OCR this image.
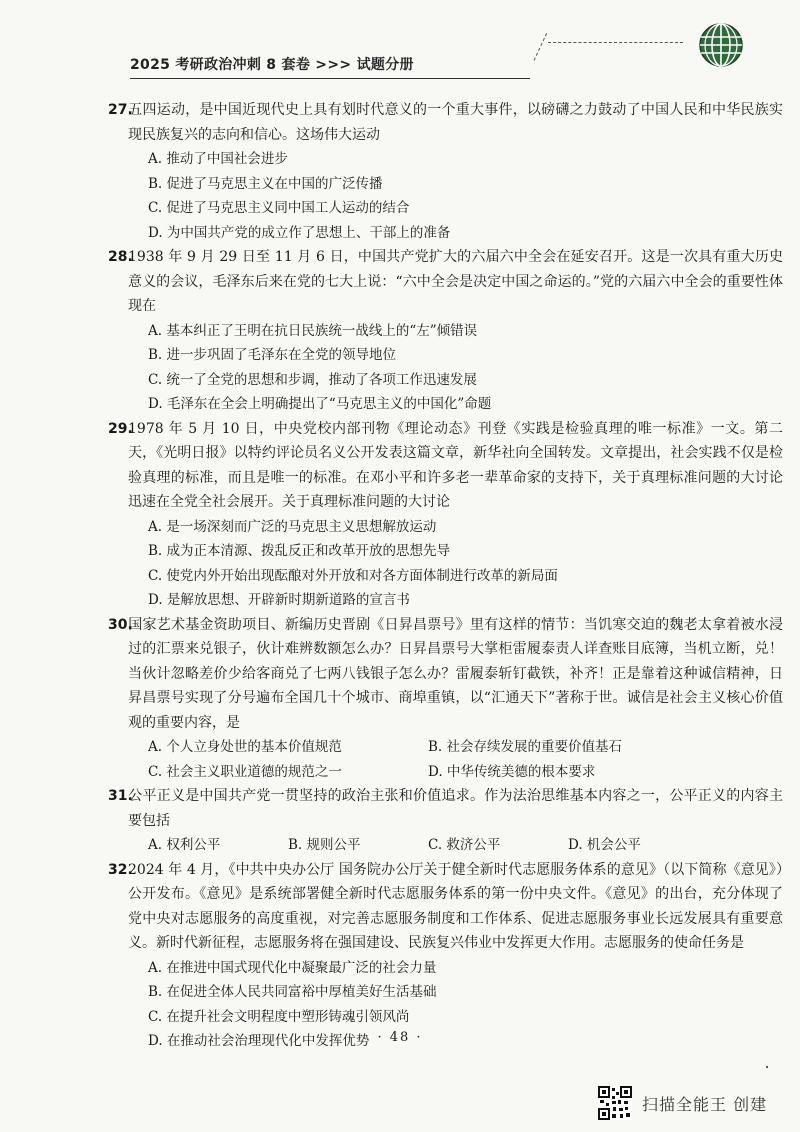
2025 考研政治冲刺 8 套卷 >>> 试题分册
27.五四运动，是中国近现代史上具有划时代意义的一个重大事件，以磅礴之力鼓动了中国人民和中华民族实现民族复兴的志向和信心。这场伟大运动
A. 推动了中国社会进步
B. 促进了马克思主义在中国的广泛传播
C. 促进了马克思主义同中国工人运动的结合
D. 为中国共产党的成立作了思想上、干部上的准备
28.1938 年 9 月 29 日至 11 月 6 日，中国共产党扩大的六届六中全会在延安召开。这是一次具有重大历史意义的会议，毛泽东后来在党的七大上说：“六中全会是决定中国之命运的。”党的六届六中全会的重要性体现在
A. 基本纠正了王明在抗日民族统一战线上的“左”倾错误
B. 进一步巩固了毛泽东在全党的领导地位
C. 统一了全党的思想和步调，推动了各项工作迅速发展
D. 毛泽东在全会上明确提出了“马克思主义的中国化”命题
29.1978 年 5 月 10 日，中央党校内部刊物《理论动态》刊登《实践是检验真理的唯一标准》一文。第二天，《光明日报》以特约评论员名义公开发表这篇文章，新华社向全国转发。文章提出，社会实践不仅是检验真理的标准，而且是唯一的标准。在邓小平和许多老一辈革命家的支持下，关于真理标准问题的大讨论迅速在全党全社会展开。关于真理标准问题的大讨论
A. 是一场深刻而广泛的马克思主义思想解放运动
B. 成为正本清源、拨乱反正和改革开放的思想先导
C. 使党内外开始出现酝酿对外开放和对各方面体制进行改革的新局面
D. 是解放思想、开辟新时期新道路的宣言书
30.国家艺术基金资助项目、新编历史晋剧《日昇昌票号》里有这样的情节：当饥寒交迫的魏老太拿着被水浸过的汇票来兑银子，伙计难辨数额怎么办？日昇昌票号大掌柜雷履泰责人详查账目底簿，当机立断，兑！当伙计忽略差价少给客商兑了七两八钱银子怎么办？雷履泰斩钉截铁，补齐！正是靠着这种诚信精神，日昇昌票号实现了分号遍布全国几十个城市、商埠重镇，以“汇通天下”著称于世。诚信是社会主义核心价值观的重要内容，是
A. 个人立身处世的基本价值规范	B. 社会存续发展的重要价值基石
C. 社会主义职业道德的规范之一	D. 中华传统美德的根本要求
31.公平正义是中国共产党一贯坚持的政治主张和价值追求。作为法治思维基本内容之一，公平正义的内容主要包括
A. 权利公平	B. 规则公平	C. 救济公平	D. 机会公平
32.2024 年 4 月，《中共中央办公厅 国务院办公厅关于健全新时代志愿服务体系的意见》（以下简称《意见》）公开发布。《意见》是系统部署健全新时代志愿服务体系的第一份中央文件。《意见》的出台，充分体现了党中央对志愿服务的高度重视，对完善志愿服务制度和工作体系、促进志愿服务事业长远发展具有重要意义。新时代新征程，志愿服务将在强国建设、民族复兴伟业中发挥更大作用。志愿服务的使命任务是
A. 在推进中国式现代化中凝聚最广泛的社会力量
B. 在促进全体人民共同富裕中厚植美好生活基础
C. 在提升社会文明程度中塑形铸魂引领风尚
D. 在推动社会治理现代化中发挥优势 · 48 ·
扫描全能王 创建
